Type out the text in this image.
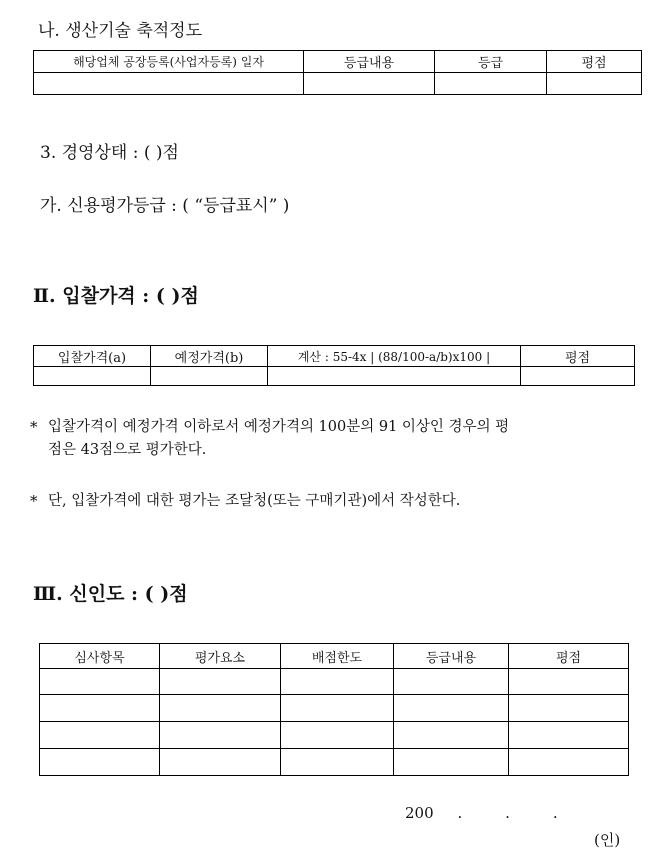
나. 생산기술 축적정도
해당업체 공장등록(사업자등록) 일자	등급내용	등급	평점

3. 경영상태 : ( )점
가. 신용평가등급 : ( “등급표시” )
Ⅱ. 입찰가격 : ( )점
입찰가격(a)	예정가격(b)	계산 : 55-4x | (88/100-a/b)x100 |	평점

* 입찰가격이 예정가격 이하로서 예정가격의 100분의 91 이상인 경우의 평
점은 43점으로 평가한다.
* 단, 입찰가격에 대한 평가는 조달청(또는 구매기관)에서 작성한다.
Ⅲ. 신인도 : ( )점
심사항목	평가요소	배점한도	등급내용	평점

200     .         .         .
(인)
